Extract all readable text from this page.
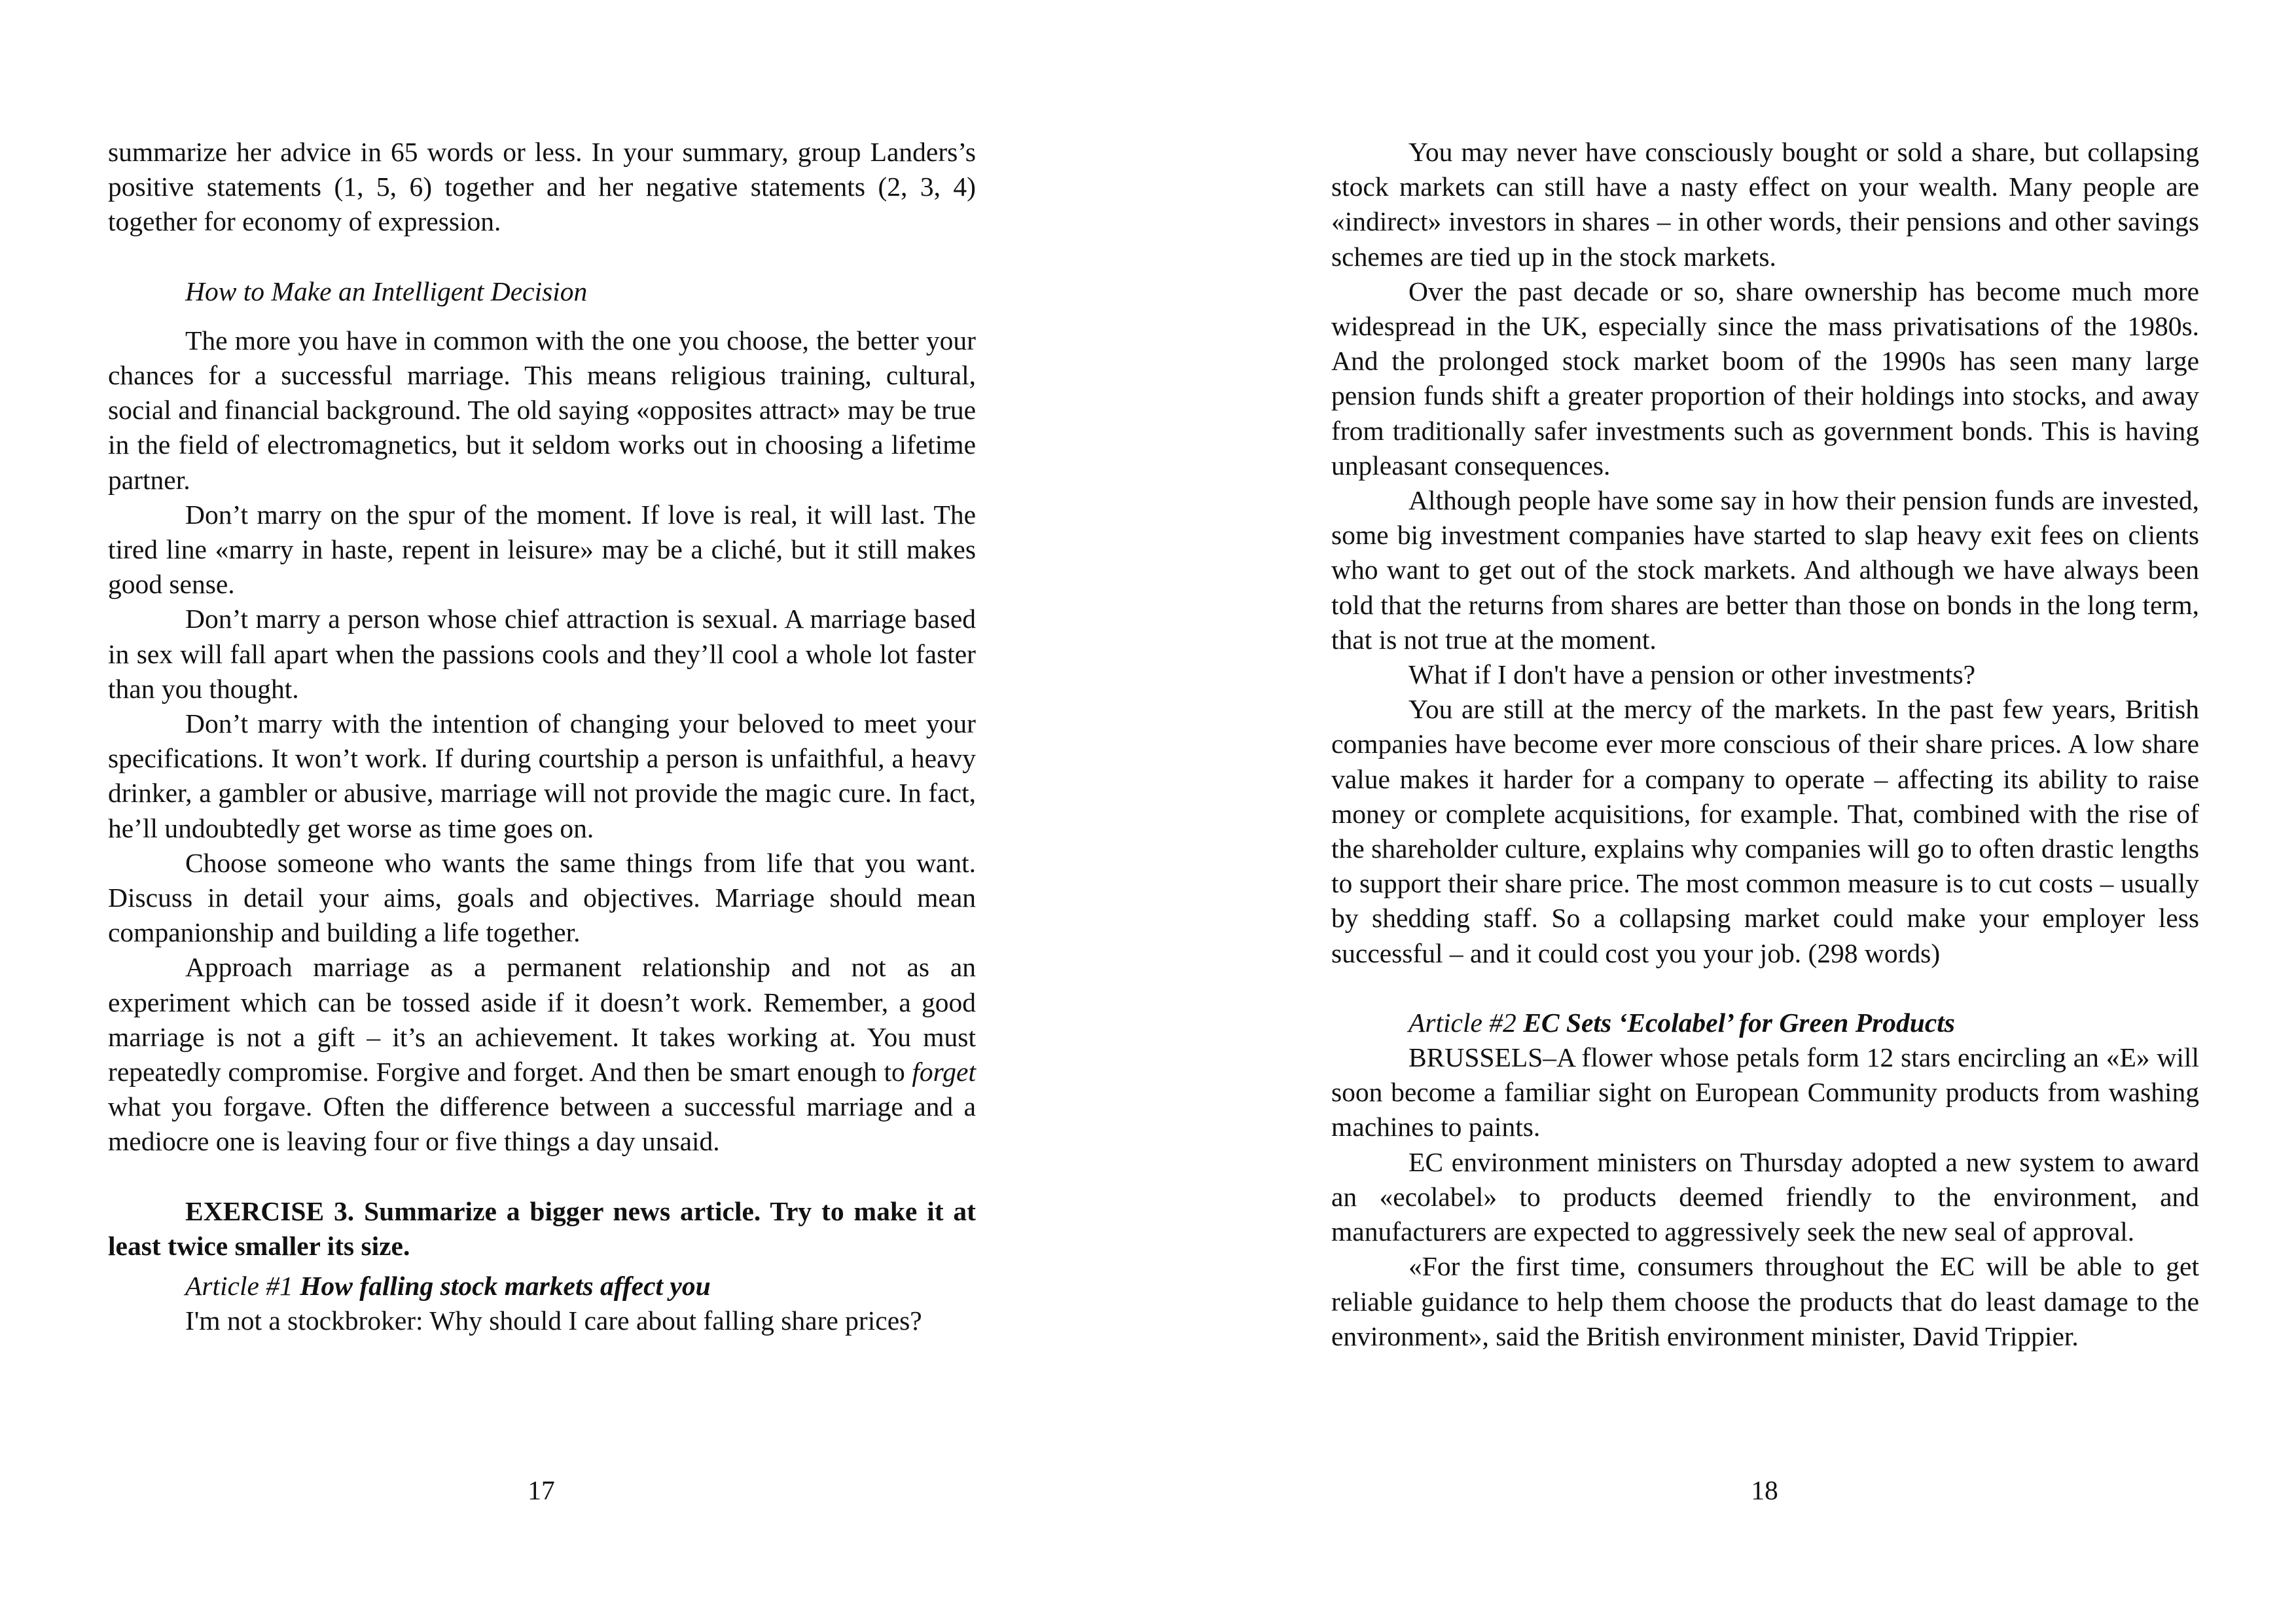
summarize her advice in 65 words or less. In your summary, group Landers’s positive statements (1, 5, 6) together and her negative statements (2, 3, 4) together for economy of expression.

How to Make an Intelligent Decision

The more you have in common with the one you choose, the better your chances for a successful marriage. This means religious training, cultural, social and financial background. The old saying «opposites attract» may be true in the field of electromagnetics, but it seldom works out in choosing a lifetime partner.

Don’t marry on the spur of the moment. If love is real, it will last. The tired line «marry in haste, repent in leisure» may be a cliché, but it still makes good sense.

Don’t marry a person whose chief attraction is sexual. A marriage based in sex will fall apart when the passions cools and they’ll cool a whole lot faster than you thought.

Don’t marry with the intention of changing your beloved to meet your specifications. It won’t work. If during courtship a person is unfaithful, a heavy drinker, a gambler or abusive, marriage will not provide the magic cure. In fact, he’ll undoubtedly get worse as time goes on.

Choose someone who wants the same things from life that you want. Discuss in detail your aims, goals and objectives. Marriage should mean companionship and building a life together.

Approach marriage as a permanent relationship and not as an experiment which can be tossed aside if it doesn’t work. Remember, a good marriage is not a gift – it’s an achievement. It takes working at. You must repeatedly compromise. Forgive and forget. And then be smart enough to forget what you forgave. Often the difference between a successful marriage and a mediocre one is leaving four or five things a day unsaid.

EXERCISE 3. Summarize a bigger news article. Try to make it at least twice smaller its size.

Article #1 How falling stock markets affect you

I'm not a stockbroker: Why should I care about falling share prices?

17

You may never have consciously bought or sold a share, but collapsing stock markets can still have a nasty effect on your wealth. Many people are «indirect» investors in shares – in other words, their pensions and other savings schemes are tied up in the stock markets.

Over the past decade or so, share ownership has become much more widespread in the UK, especially since the mass privatisations of the 1980s. And the prolonged stock market boom of the 1990s has seen many large pension funds shift a greater proportion of their holdings into stocks, and away from traditionally safer investments such as government bonds. This is having unpleasant consequences.

Although people have some say in how their pension funds are invested, some big investment companies have started to slap heavy exit fees on clients who want to get out of the stock markets. And although we have always been told that the returns from shares are better than those on bonds in the long term, that is not true at the moment.

What if I don't have a pension or other investments?

You are still at the mercy of the markets. In the past few years, British companies have become ever more conscious of their share prices. A low share value makes it harder for a company to operate – affecting its ability to raise money or complete acquisitions, for example. That, combined with the rise of the shareholder culture, explains why companies will go to often drastic lengths to support their share price. The most common measure is to cut costs – usually by shedding staff. So a collapsing market could make your employer less successful – and it could cost you your job. (298 words)

Article #2 EC Sets ‘Ecolabel’ for Green Products

BRUSSELS–A flower whose petals form 12 stars encircling an «E» will soon become a familiar sight on European Community products from washing machines to paints.

EC environment ministers on Thursday adopted a new system to award an «ecolabel» to products deemed friendly to the environment, and manufacturers are expected to aggressively seek the new seal of approval.

«For the first time, consumers throughout the EC will be able to get reliable guidance to help them choose the products that do least damage to the environment», said the British environment minister, David Trippier.

18
